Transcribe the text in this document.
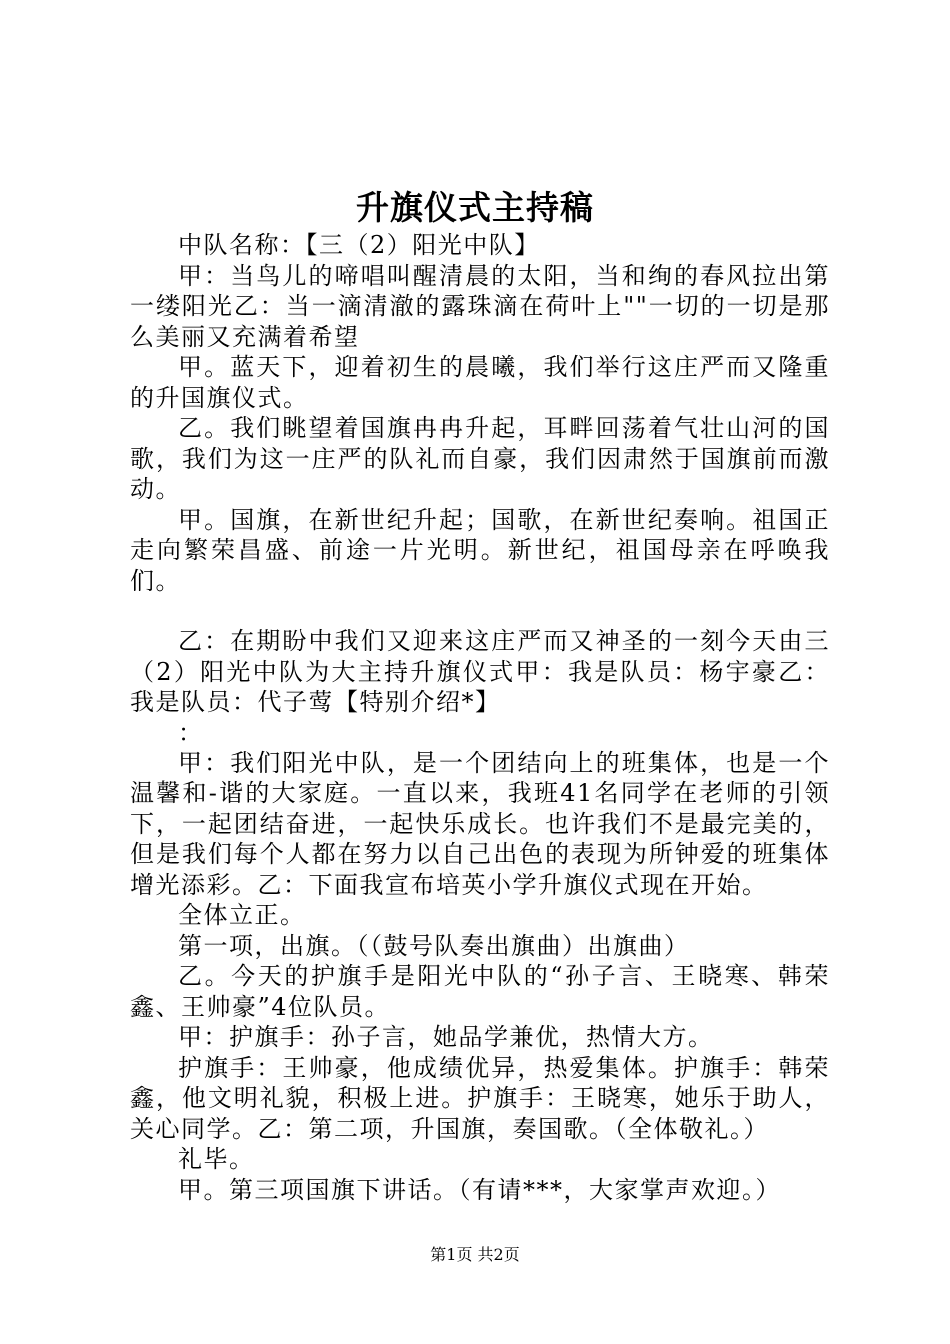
升旗仪式主持稿

中队名称：【三（2）阳光中队】

甲：当鸟儿的啼唱叫醒清晨的太阳，当和绚的春风拉出第一缕阳光乙：当一滴清澈的露珠滴在荷叶上""一切的一切是那么美丽又充满着希望

甲。蓝天下，迎着初生的晨曦，我们举行这庄严而又隆重的升国旗仪式。

乙。我们眺望着国旗冉冉升起，耳畔回荡着气壮山河的国歌，我们为这一庄严的队礼而自豪，我们因肃然于国旗前而激动。

甲。国旗，在新世纪升起；国歌，在新世纪奏响。祖国正走向繁荣昌盛、前途一片光明。新世纪，祖国母亲在呼唤我们。

乙：在期盼中我们又迎来这庄严而又神圣的一刻今天由三（2）阳光中队为大主持升旗仪式甲：我是队员：杨宇豪乙：我是队员：代子莺【特别介绍*】

：

甲：我们阳光中队，是一个团结向上的班集体，也是一个温馨和-谐的大家庭。一直以来，我班41名同学在老师的引领下，一起团结奋进，一起快乐成长。也许我们不是最完美的，但是我们每个人都在努力以自己出色的表现为所钟爱的班集体增光添彩。乙：下面我宣布培英小学升旗仪式现在开始。

全体立正。

第一项，出旗。（（鼓号队奏出旗曲）出旗曲）

乙。今天的护旗手是阳光中队的“孙子言、王晓寒、韩荣鑫、王帅豪”4位队员。

甲：护旗手：孙子言，她品学兼优，热情大方。

护旗手：王帅豪，他成绩优异，热爱集体。护旗手：韩荣鑫，他文明礼貌，积极上进。护旗手：王晓寒，她乐于助人，关心同学。乙：第二项，升国旗，奏国歌。（全体敬礼。）

礼毕。

甲。第三项国旗下讲话。（有请***，大家掌声欢迎。）

第1页 共2页
